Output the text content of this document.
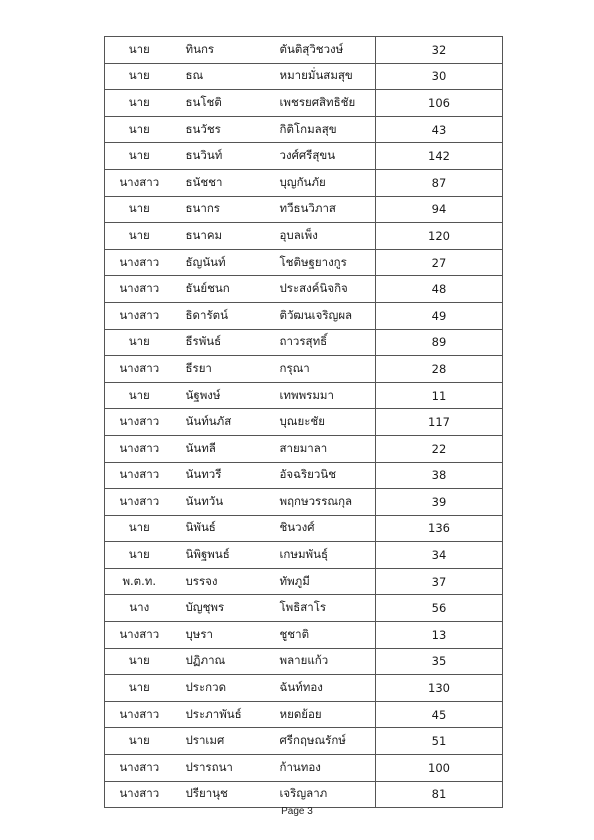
นาย	ทินกร	ตันติสุวิชวงษ์	32
นาย	ธณ	หมายมั่นสมสุข	30
นาย	ธนโชติ	เพชรยศสิทธิชัย	106
นาย	ธนวัชร	กิติโกมลสุข	43
นาย	ธนวินท์	วงศ์ศรีสุขน	142
นางสาว	ธนัชชา	บุญกันภัย	87
นาย	ธนากร	ทวีธนวิภาส	94
นาย	ธนาคม	อุบลเพ็ง	120
นางสาว	ธัญนันท์	โชติษฐยางกูร	27
นางสาว	ธันย์ชนก	ประสงค์นิจกิจ	48
นางสาว	ธิดารัตน์	ติวัฒนเจริญผล	49
นาย	ธีรพันธ์	ถาวรสุทธิ์	89
นางสาว	ธีรยา	กรุณา	28
นาย	นัฐพงษ์	เทพพรมมา	11
นางสาว	นันท์นภัส	บุณยะชัย	117
นางสาว	นันทลี	สายมาลา	22
นางสาว	นันทวรี	อัจฉริยวนิช	38
นางสาว	นันทวัน	พฤกษวรรณกุล	39
นาย	นิพันธ์	ชินวงศ์	136
นาย	นิพิฐพนธ์	เกษมพันธุ์	34
พ.ต.ท.	บรรจง	ทัพภูมี	37
นาง	บัญชุพร	โพธิสาโร	56
นางสาว	บุษรา	ชูชาติ	13
นาย	ปฏิภาณ	พลายแก้ว	35
นาย	ประกวด	ฉันท์ทอง	130
นางสาว	ประภาพันธ์	หยดย้อย	45
นาย	ปราเมศ	ศรีกฤษณรักษ์	51
นางสาว	ปรารถนา	ก้านทอง	100
นางสาว	ปรียานุช	เจริญลาภ	81
Page 3
